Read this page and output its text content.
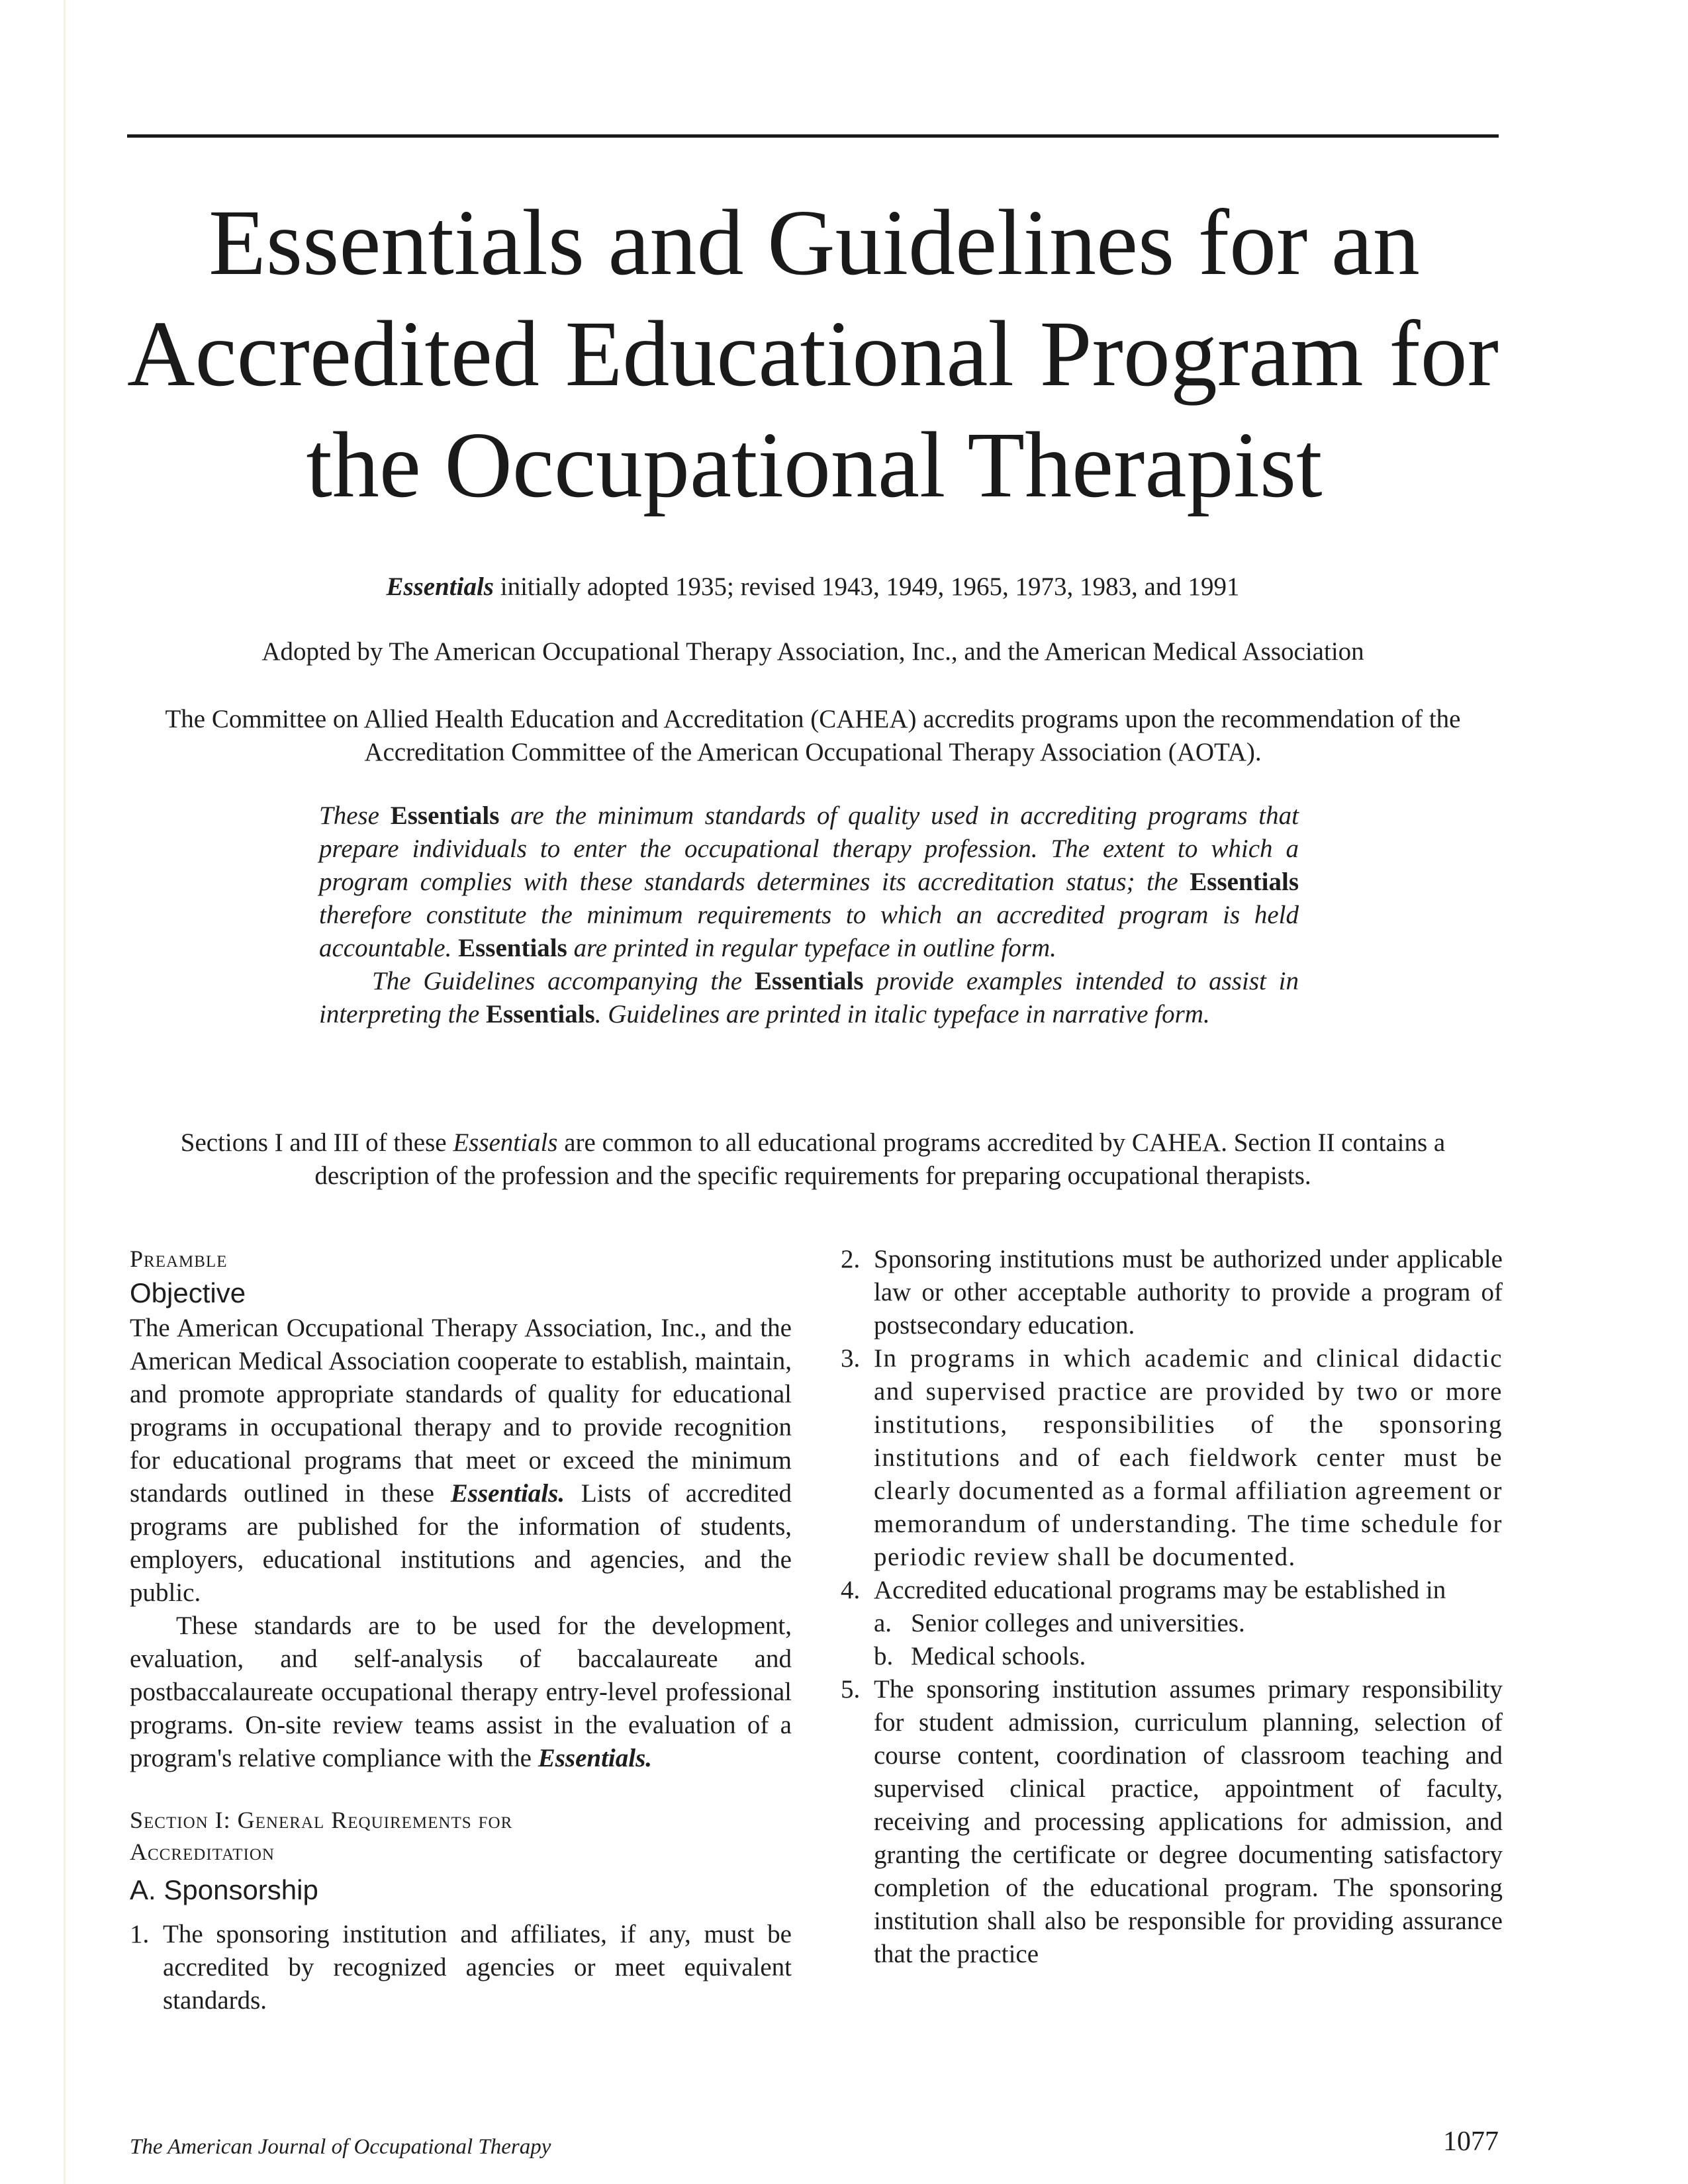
Essentials and Guidelines for an
Accredited Educational Program for
the Occupational Therapist

Essentials initially adopted 1935; revised 1943, 1949, 1965, 1973, 1983, and 1991

Adopted by The American Occupational Therapy Association, Inc., and the American Medical Association

The Committee on Allied Health Education and Accreditation (CAHEA) accredits programs upon the recommendation of the Accreditation Committee of the American Occupational Therapy Association (AOTA).

These Essentials are the minimum standards of quality used in accrediting programs that prepare individuals to enter the occupational therapy profession. The extent to which a program complies with these standards determines its accreditation status; the Essentials therefore constitute the minimum requirements to which an accredited program is held accountable. Essentials are printed in regular typeface in outline form.

The Guidelines accompanying the Essentials provide examples intended to assist in interpreting the Essentials. Guidelines are printed in italic typeface in narrative form.

Sections I and III of these Essentials are common to all educational programs accredited by CAHEA. Section II contains a description of the profession and the specific requirements for preparing occupational therapists.

Preamble

Objective

The American Occupational Therapy Association, Inc., and the American Medical Association cooperate to establish, maintain, and promote appropriate standards of quality for educational programs in occupational therapy and to provide recognition for educational programs that meet or exceed the minimum standards outlined in these Essentials. Lists of accredited programs are published for the information of students, employers, educational institutions and agencies, and the public.

These standards are to be used for the development, evaluation, and self-analysis of baccalaureate and postbaccalaureate occupational therapy entry-level professional programs. On-site review teams assist in the evaluation of a program's relative compliance with the Essentials.

Section I: General Requirements for

Accreditation

A. Sponsorship

1. The sponsoring institution and affiliates, if any, must be accredited by recognized agencies or meet equivalent standards.
2. Sponsoring institutions must be authorized under applicable law or other acceptable authority to provide a program of postsecondary education.
3. In programs in which academic and clinical didactic and supervised practice are provided by two or more institutions, responsibilities of the sponsoring institutions and of each fieldwork center must be clearly documented as a formal affiliation agreement or memorandum of understanding. The time schedule for periodic review shall be documented.
4. Accredited educational programs may be established in
a. Senior colleges and universities.
b. Medical schools.
5. The sponsoring institution assumes primary responsibility for student admission, curriculum planning, selection of course content, coordination of classroom teaching and supervised clinical practice, appointment of faculty, receiving and processing applications for admission, and granting the certificate or degree documenting satisfactory completion of the educational program. The sponsoring institution shall also be responsible for providing assurance that the practice
The American Journal of Occupational Therapy	1077
